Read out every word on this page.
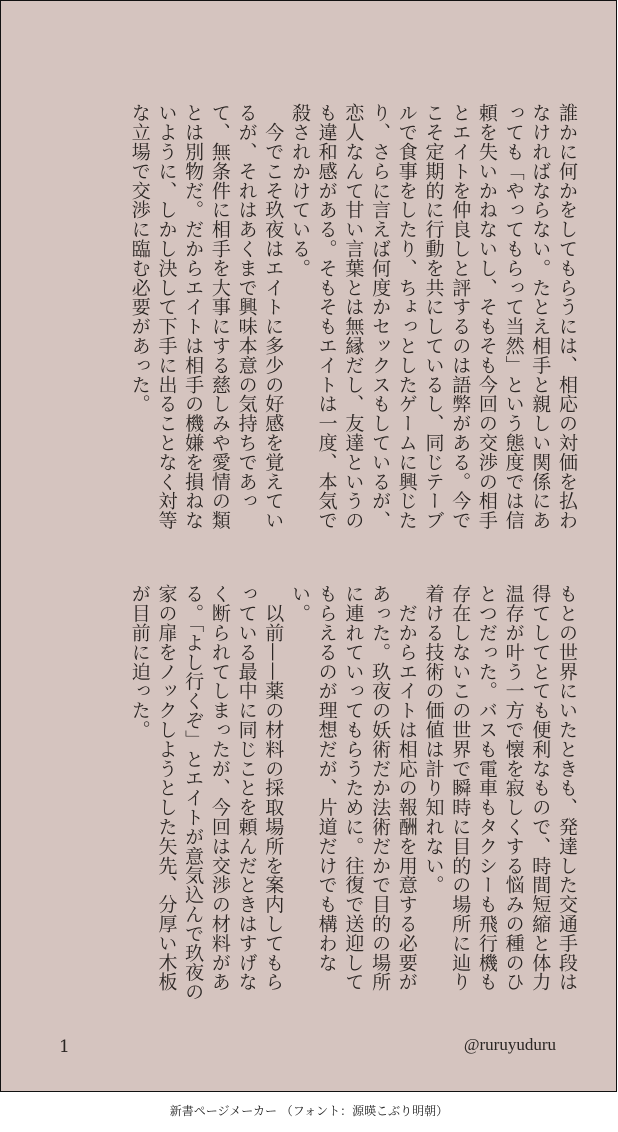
誰かに何かをしてもらうには、相応の対価を払わなければならない。たとえ相手と親しい関係にあっても「やってもらって当然」という態度では信頼を失いかねないし、そもそも今回の交渉の相手とエイトを仲良しと評するのは語弊がある。今でこそ定期的に行動を共にしているし、同じテーブルで食事をしたり、ちょっとしたゲームに興じたり、さらに言えば何度かセックスもしているが、恋人なんて甘い言葉とは無縁だし、友達というのも違和感がある。そもそもエイトは一度、本気で殺されかけている。
　今でこそ玖夜はエイトに多少の好感を覚えているが、それはあくまで興味本意の気持ちであって、無条件に相手を大事にする慈しみや愛情の類とは別物だ。だからエイトは相手の機嫌を損ねないように、しかし決して下手に出ることなく対等な立場で交渉に臨む必要があった。
もとの世界にいたときも、発達した交通手段は得てしてとても便利なもので、時間短縮と体力温存が叶う一方で懐を寂しくする悩みの種のひとつだった。バスも電車もタクシーも飛行機も存在しないこの世界で瞬時に目的の場所に辿り着ける技術の価値は計り知れない。
　だからエイトは相応の報酬を用意する必要があった。玖夜の妖術だか法術だかで目的の場所に連れていってもらうために。往復で送迎してもらえるのが理想だが、片道だけでも構わない。
　以前——薬の材料の採取場所を案内してもらっている最中に同じことを頼んだときはすげなく断られてしまったが、今回は交渉の材料がある。「よし行くぞ」とエイトが意気込んで玖夜の家の扉をノックしようとした矢先、分厚い木板が目前に迫った。
1	@ruruyuduru
新書ページメーカー （フォント：源暎こぶり明朝）
